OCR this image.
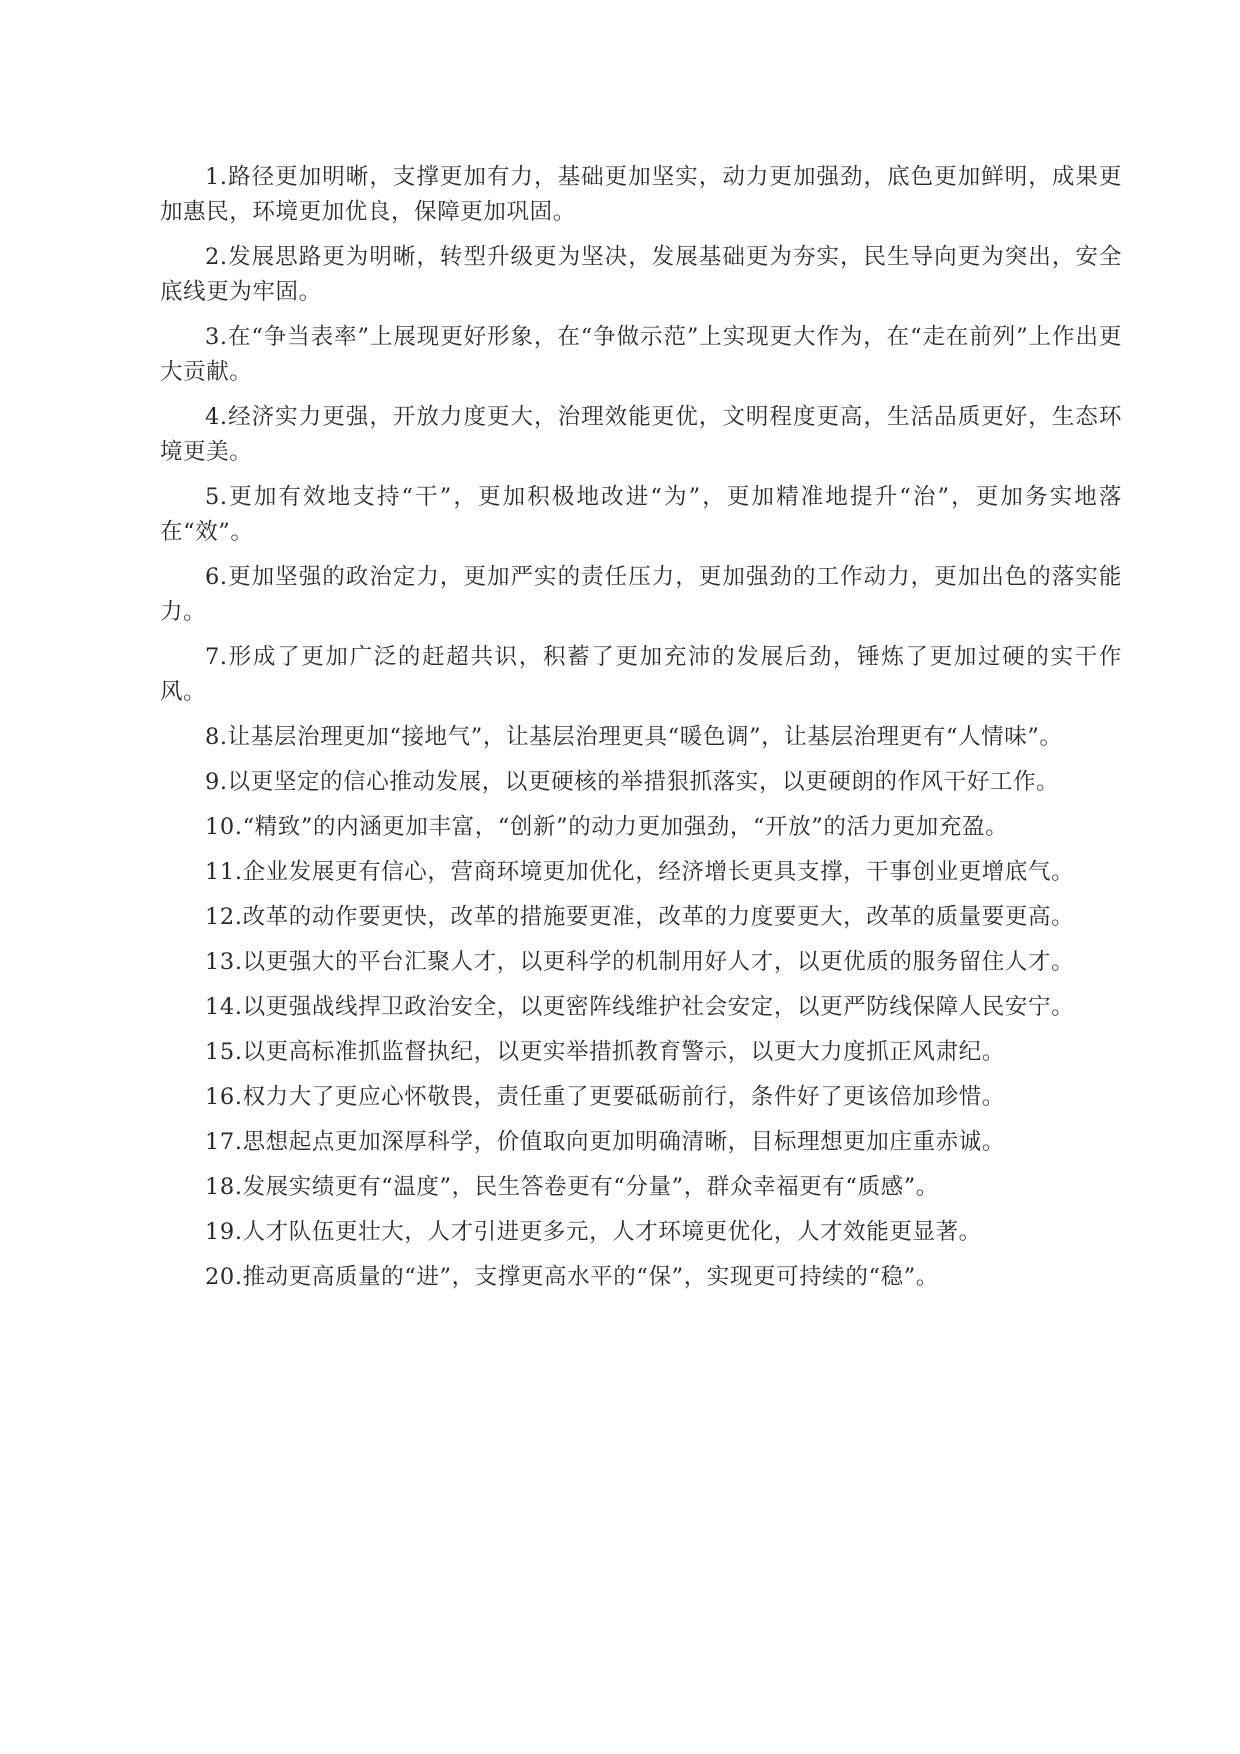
1.路径更加明晰，支撑更加有力，基础更加坚实，动力更加强劲，底色更加鲜明，成果更加惠民，环境更加优良，保障更加巩固。

2.发展思路更为明晰，转型升级更为坚决，发展基础更为夯实，民生导向更为突出，安全底线更为牢固。

3.在“争当表率”上展现更好形象，在“争做示范”上实现更大作为，在“走在前列”上作出更大贡献。

4.经济实力更强，开放力度更大，治理效能更优，文明程度更高，生活品质更好，生态环境更美。

5.更加有效地支持“干”，更加积极地改进“为”，更加精准地提升“治”，更加务实地落在“效”。

6.更加坚强的政治定力，更加严实的责任压力，更加强劲的工作动力，更加出色的落实能力。

7.形成了更加广泛的赶超共识，积蓄了更加充沛的发展后劲，锤炼了更加过硬的实干作风。

8.让基层治理更加“接地气”，让基层治理更具“暖色调”，让基层治理更有“人情味”。

9.以更坚定的信心推动发展，以更硬核的举措狠抓落实，以更硬朗的作风干好工作。

10.“精致”的内涵更加丰富，“创新”的动力更加强劲，“开放”的活力更加充盈。

11.企业发展更有信心，营商环境更加优化，经济增长更具支撑，干事创业更增底气。

12.改革的动作要更快，改革的措施要更准，改革的力度要更大，改革的质量要更高。

13.以更强大的平台汇聚人才，以更科学的机制用好人才，以更优质的服务留住人才。

14.以更强战线捍卫政治安全，以更密阵线维护社会安定，以更严防线保障人民安宁。

15.以更高标准抓监督执纪，以更实举措抓教育警示，以更大力度抓正风肃纪。

16.权力大了更应心怀敬畏，责任重了更要砥砺前行，条件好了更该倍加珍惜。

17.思想起点更加深厚科学，价值取向更加明确清晰，目标理想更加庄重赤诚。

18.发展实绩更有“温度”，民生答卷更有“分量”，群众幸福更有“质感”。

19.人才队伍更壮大，人才引进更多元，人才环境更优化，人才效能更显著。

20.推动更高质量的“进”，支撑更高水平的“保”，实现更可持续的“稳”。
